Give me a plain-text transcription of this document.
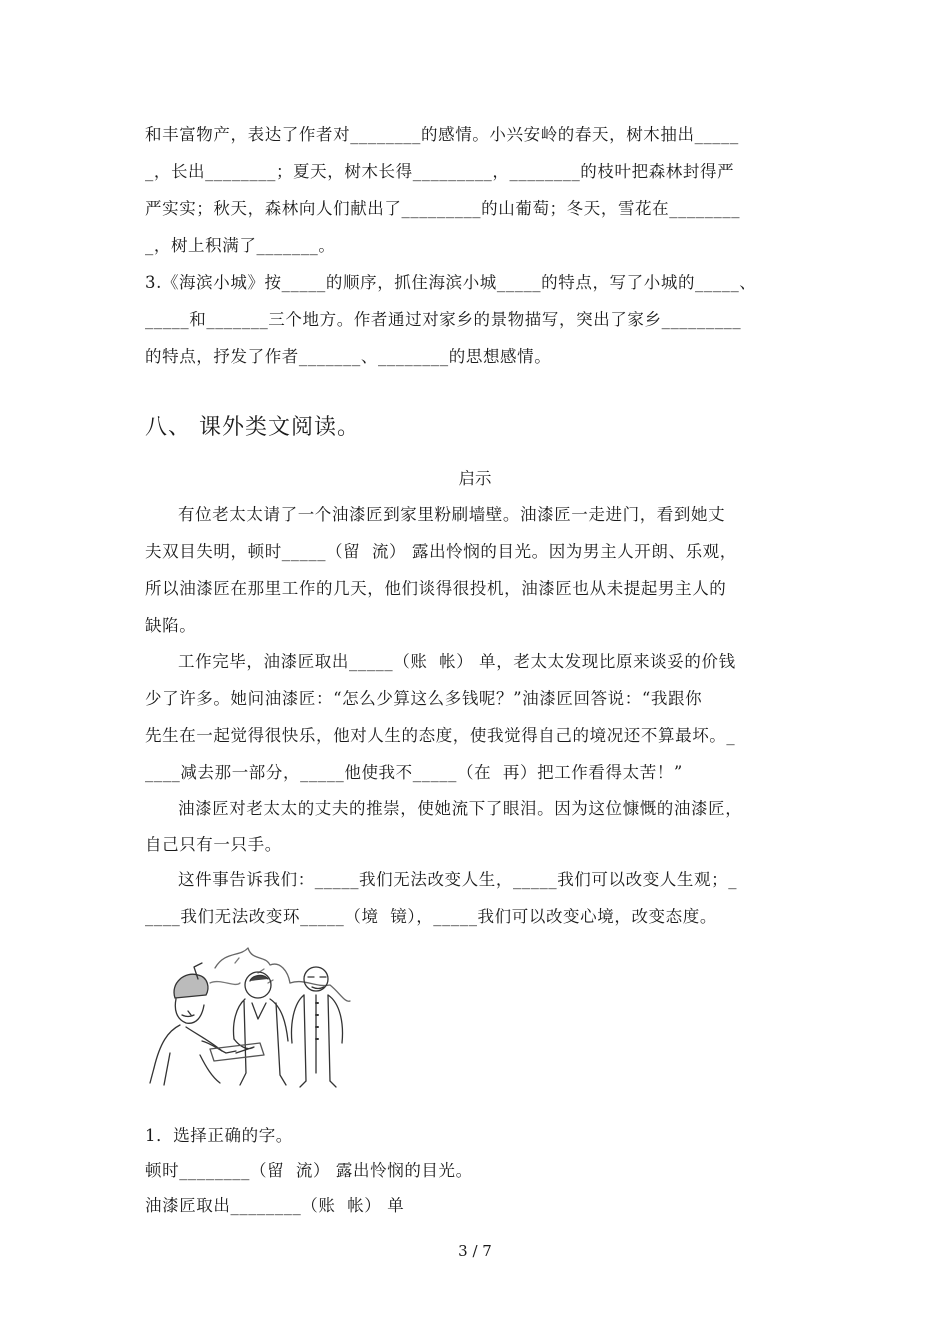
和丰富物产，表达了作者对________的感情。小兴安岭的春天，树木抽出_____
_，长出________；夏天，树木长得_________，________的枝叶把森林封得严
严实实；秋天，森林向人们献出了_________的山葡萄；冬天，雪花在________
_，树上积满了_______。
3.《海滨小城》按_____的顺序，抓住海滨小城_____的特点，写了小城的_____、
_____和_______三个地方。作者通过对家乡的景物描写，突出了家乡_________
的特点，抒发了作者_______、________的思想感情。
八、 课外类文阅读。
启示
有位老太太请了一个油漆匠到家里粉刷墙壁。油漆匠一走进门，看到她丈
夫双目失明，顿时_____（留  流） 露出怜悯的目光。因为男主人开朗、乐观，
所以油漆匠在那里工作的几天，他们谈得很投机，油漆匠也从未提起男主人的
缺陷。
工作完毕，油漆匠取出_____（账  帐） 单，老太太发现比原来谈妥的价钱
少了许多。她问油漆匠：“怎么少算这么多钱呢？”油漆匠回答说：“我跟你
先生在一起觉得很快乐，他对人生的态度，使我觉得自己的境况还不算最坏。_
____减去那一部分，_____他使我不_____（在  再）把工作看得太苦！”
油漆匠对老太太的丈夫的推崇，使她流下了眼泪。因为这位慷慨的油漆匠，
自己只有一只手。
这件事告诉我们：_____我们无法改变人生，_____我们可以改变人生观；_
____我们无法改变环_____（境  镜），_____我们可以改变心境，改变态度。
1．选择正确的字。
顿时________（留  流） 露出怜悯的目光。
油漆匠取出________（账  帐） 单
3 / 7
